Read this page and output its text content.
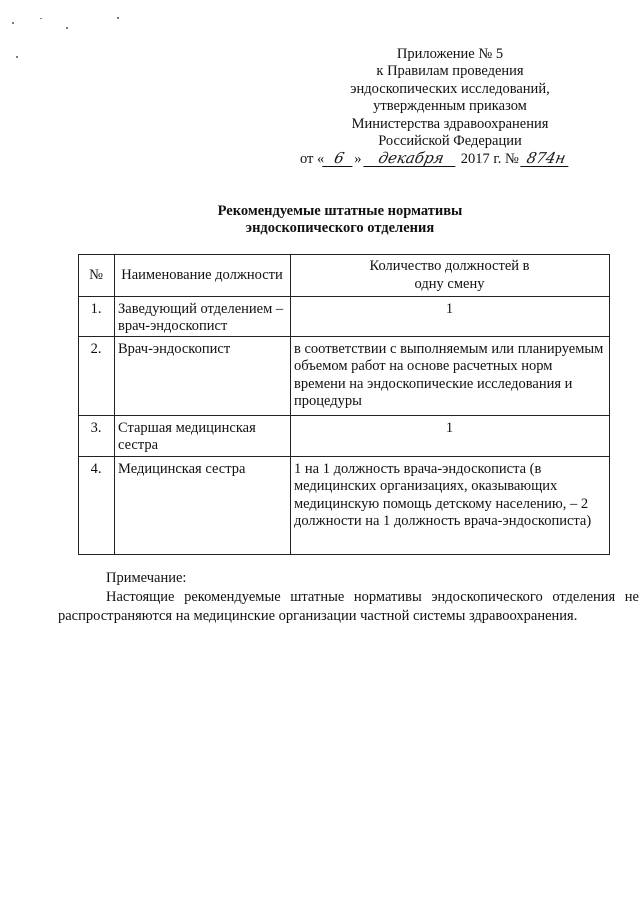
Приложение № 5
к Правилам проведения
эндоскопических исследований,
утвержденным приказом
Министерства здравоохранения
Российской Федерации
от « 6 » декабря 2017 г. № 874н
Рекомендуемые штатные нормативы
эндоскопического отделения
№	Наименование должности	Количество должностей в одну смену

1.	Заведующий отделением – врач-эндоскопист	1
2.	Врач-эндоскопист	в соответствии с выполняемым или планируемым объемом работ на основе расчетных норм времени на эндоскопические исследования и процедуры
3.	Старшая медицинская сестра	1
4.	Медицинская сестра	1 на 1 должность врача-эндоскописта (в медицинских организациях, оказывающих медицинскую помощь детскому населению, – 2 должности на 1 должность врача-эндоскописта)
Примечание:
Настоящие рекомендуемые штатные нормативы эндоскопического отделения не распространяются на медицинские организации частной системы здравоохранения.
